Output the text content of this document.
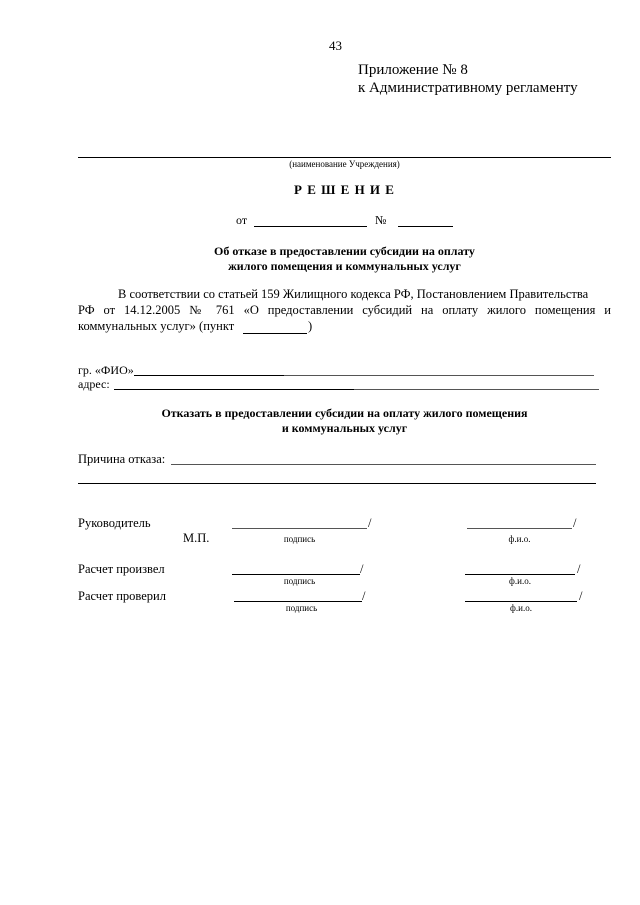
43
Приложение № 8
к Административному регламенту
(наименование Учреждения)
Р Е Ш Е Н И Е
от	№
Об отказе в предоставлении субсидии на оплату
жилого помещения и коммунальных услуг
В соответствии со статьей 159 Жилищного кодекса РФ, Постановлением Правительства
РФ от 14.12.2005 № 761 «О предоставлении субсидий на оплату жилого помещения и
коммунальных услуг» (пункт	)
гр. «ФИО»
адрес:
Отказать в предоставлении субсидии на оплату жилого помещения
и коммунальных услуг
Причина отказа:
Руководитель	/	/
М.П.	подпись	ф.и.о.
Расчет произвел	/	/
подпись	ф.и.о.
Расчет проверил	/	/
подпись	ф.и.о.
